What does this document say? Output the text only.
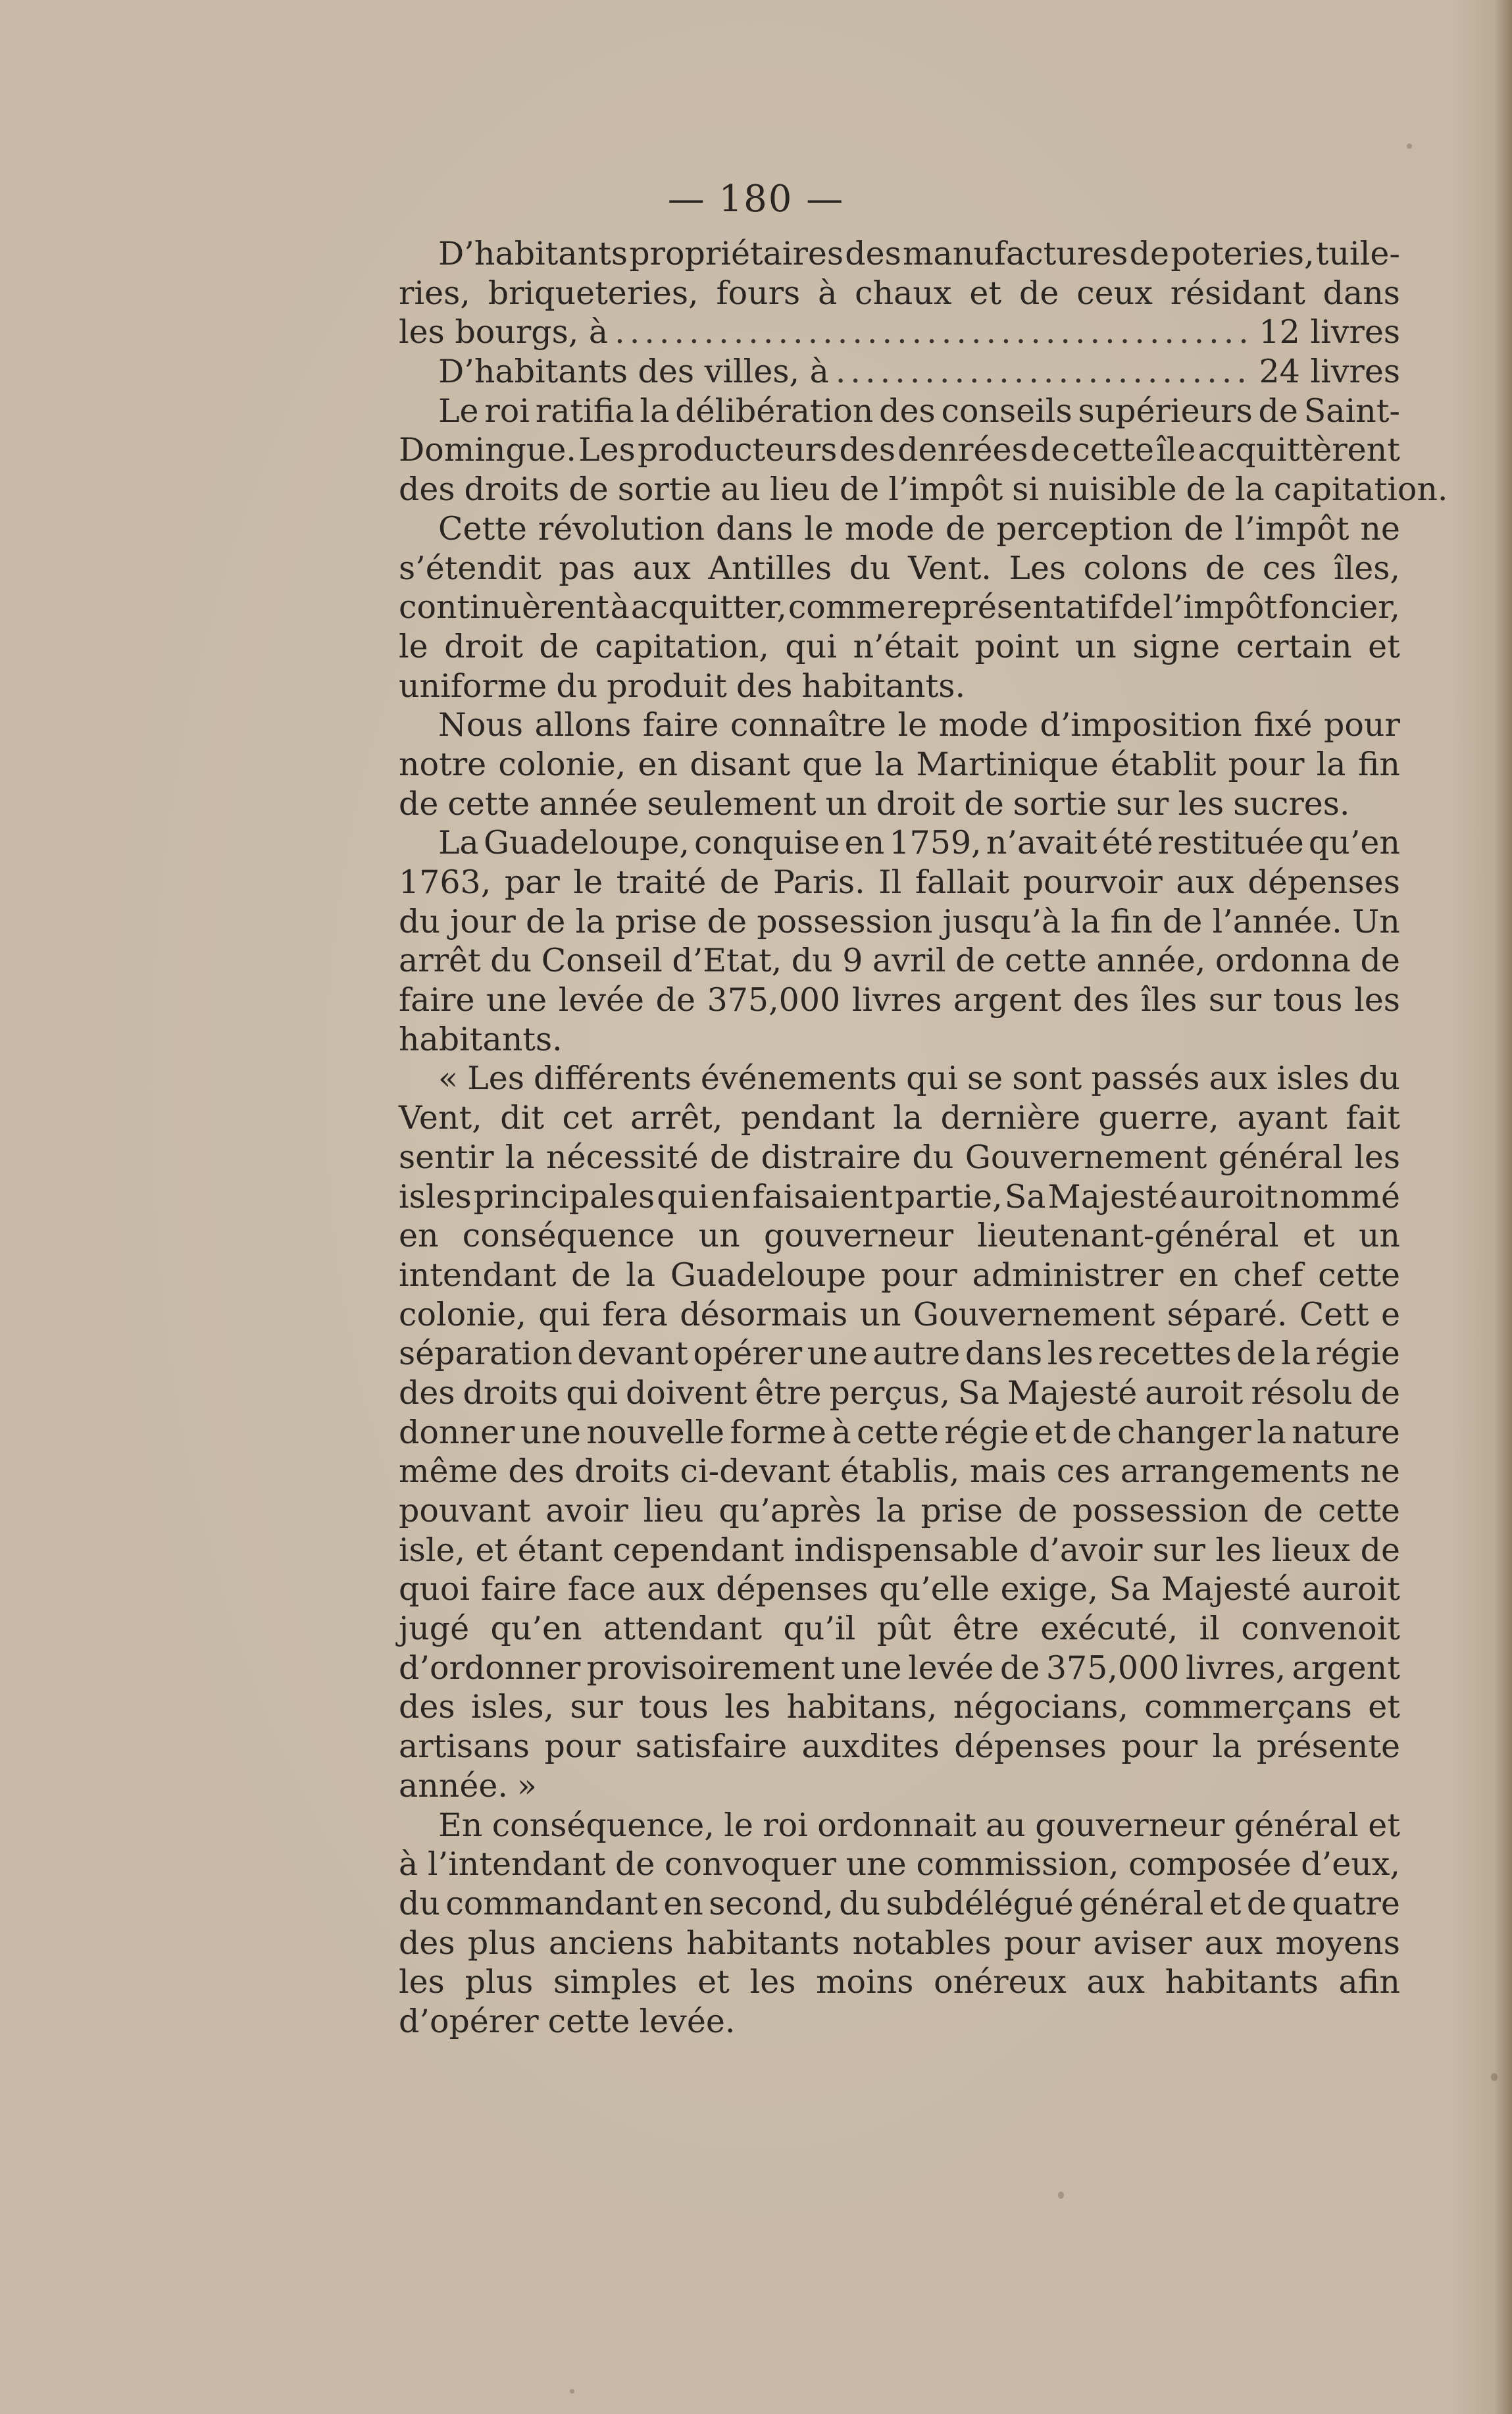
— 180 —
D’habitants propriétaires des manufactures de poteries, tuile-
ries, briqueteries, fours à chaux et de ceux résidant dans
les bourgs, à .....	12 livres
D’habitants des villes, à .....	24 livres
Le roi ratifia la délibération des conseils supérieurs de Saint-
Domingue. Les producteurs des denrées de cette île acquittèrent
des droits de sortie au lieu de l’impôt si nuisible de la capitation.
Cette révolution dans le mode de perception de l’impôt ne
s’étendit pas aux Antilles du Vent. Les colons de ces îles,
continuèrent à acquitter, comme représentatif de l’impôt foncier,
le droit de capitation, qui n’était point un signe certain et
uniforme du produit des habitants.
Nous allons faire connaître le mode d’imposition fixé pour
notre colonie, en disant que la Martinique établit pour la fin
de cette année seulement un droit de sortie sur les sucres.
La Guadeloupe, conquise en 1759, n’avait été restituée qu’en
1763, par le traité de Paris. Il fallait pourvoir aux dépenses
du jour de la prise de possession jusqu’à la fin de l’année. Un
arrêt du Conseil d’Etat, du 9 avril de cette année, ordonna de
faire une levée de 375,000 livres argent des îles sur tous les
habitants.
« Les différents événements qui se sont passés aux isles du
Vent, dit cet arrêt, pendant la dernière guerre, ayant fait
sentir la nécessité de distraire du Gouvernement général les
isles principales qui en faisaient partie, Sa Majesté auroit nommé
en conséquence un gouverneur lieutenant-général et un
intendant de la Guadeloupe pour administrer en chef cette
colonie, qui fera désormais un Gouvernement séparé. Cett e
séparation devant opérer une autre dans les recettes de la régie
des droits qui doivent être perçus, Sa Majesté auroit résolu de
donner une nouvelle forme à cette régie et de changer la nature
même des droits ci-devant établis, mais ces arrangements ne
pouvant avoir lieu qu’après la prise de possession de cette
isle, et étant cependant indispensable d’avoir sur les lieux de
quoi faire face aux dépenses qu’elle exige, Sa Majesté auroit
jugé qu’en attendant qu’il pût être exécuté, il convenoit
d’ordonner provisoirement une levée de 375,000 livres, argent
des isles, sur tous les habitans, négocians, commerçans et
artisans pour satisfaire auxdites dépenses pour la présente
année. »
En conséquence, le roi ordonnait au gouverneur général et
à l’intendant de convoquer une commission, composée d’eux,
du commandant en second, du subdélégué général et de quatre
des plus anciens habitants notables pour aviser aux moyens
les plus simples et les moins onéreux aux habitants afin
d’opérer cette levée.
